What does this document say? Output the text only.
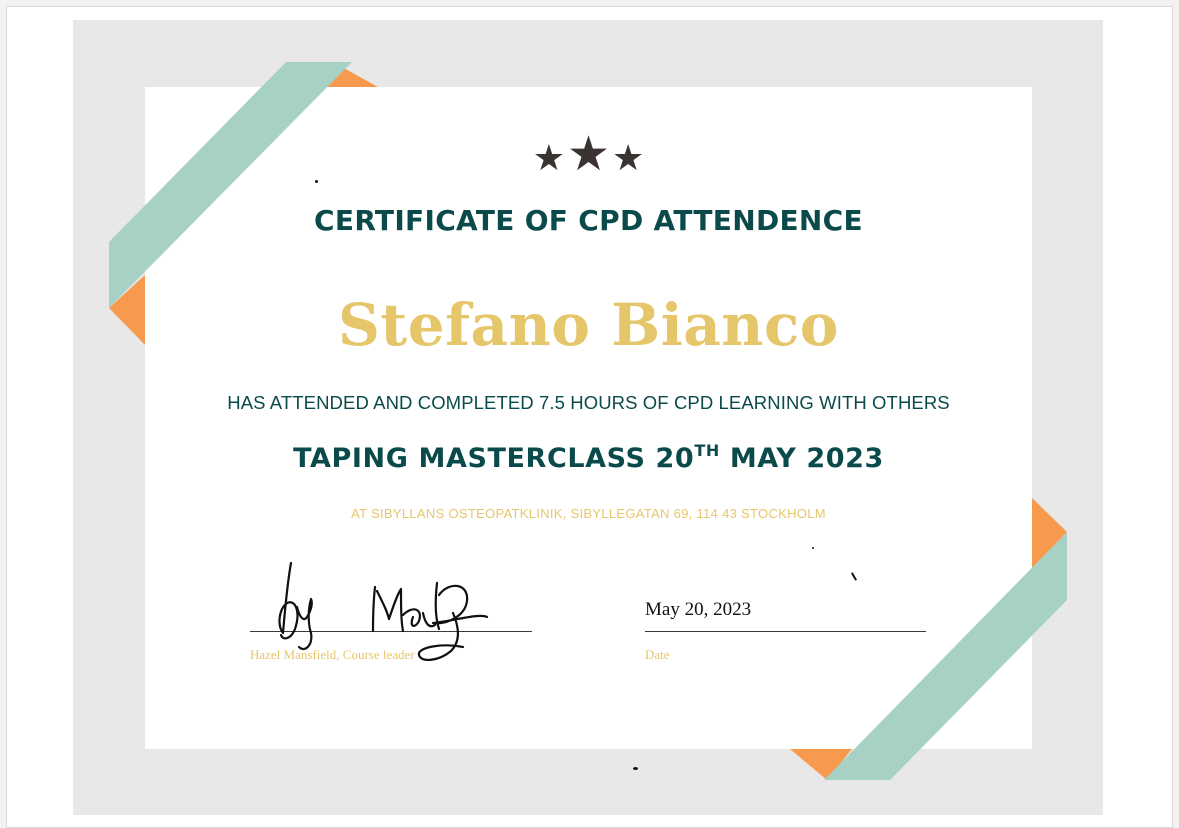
★★★
CERTIFICATE OF CPD ATTENDENCE
Stefano Bianco
HAS ATTENDED AND COMPLETED 7.5 HOURS OF CPD LEARNING WITH OTHERS
TAPING MASTERCLASS 20TH MAY 2023
AT SIBYLLANS OSTEOPATKLINIK, SIBYLLEGATAN 69, 114 43 STOCKHOLM
Hazel Mansfield, Course leader
May 20, 2023
Date
